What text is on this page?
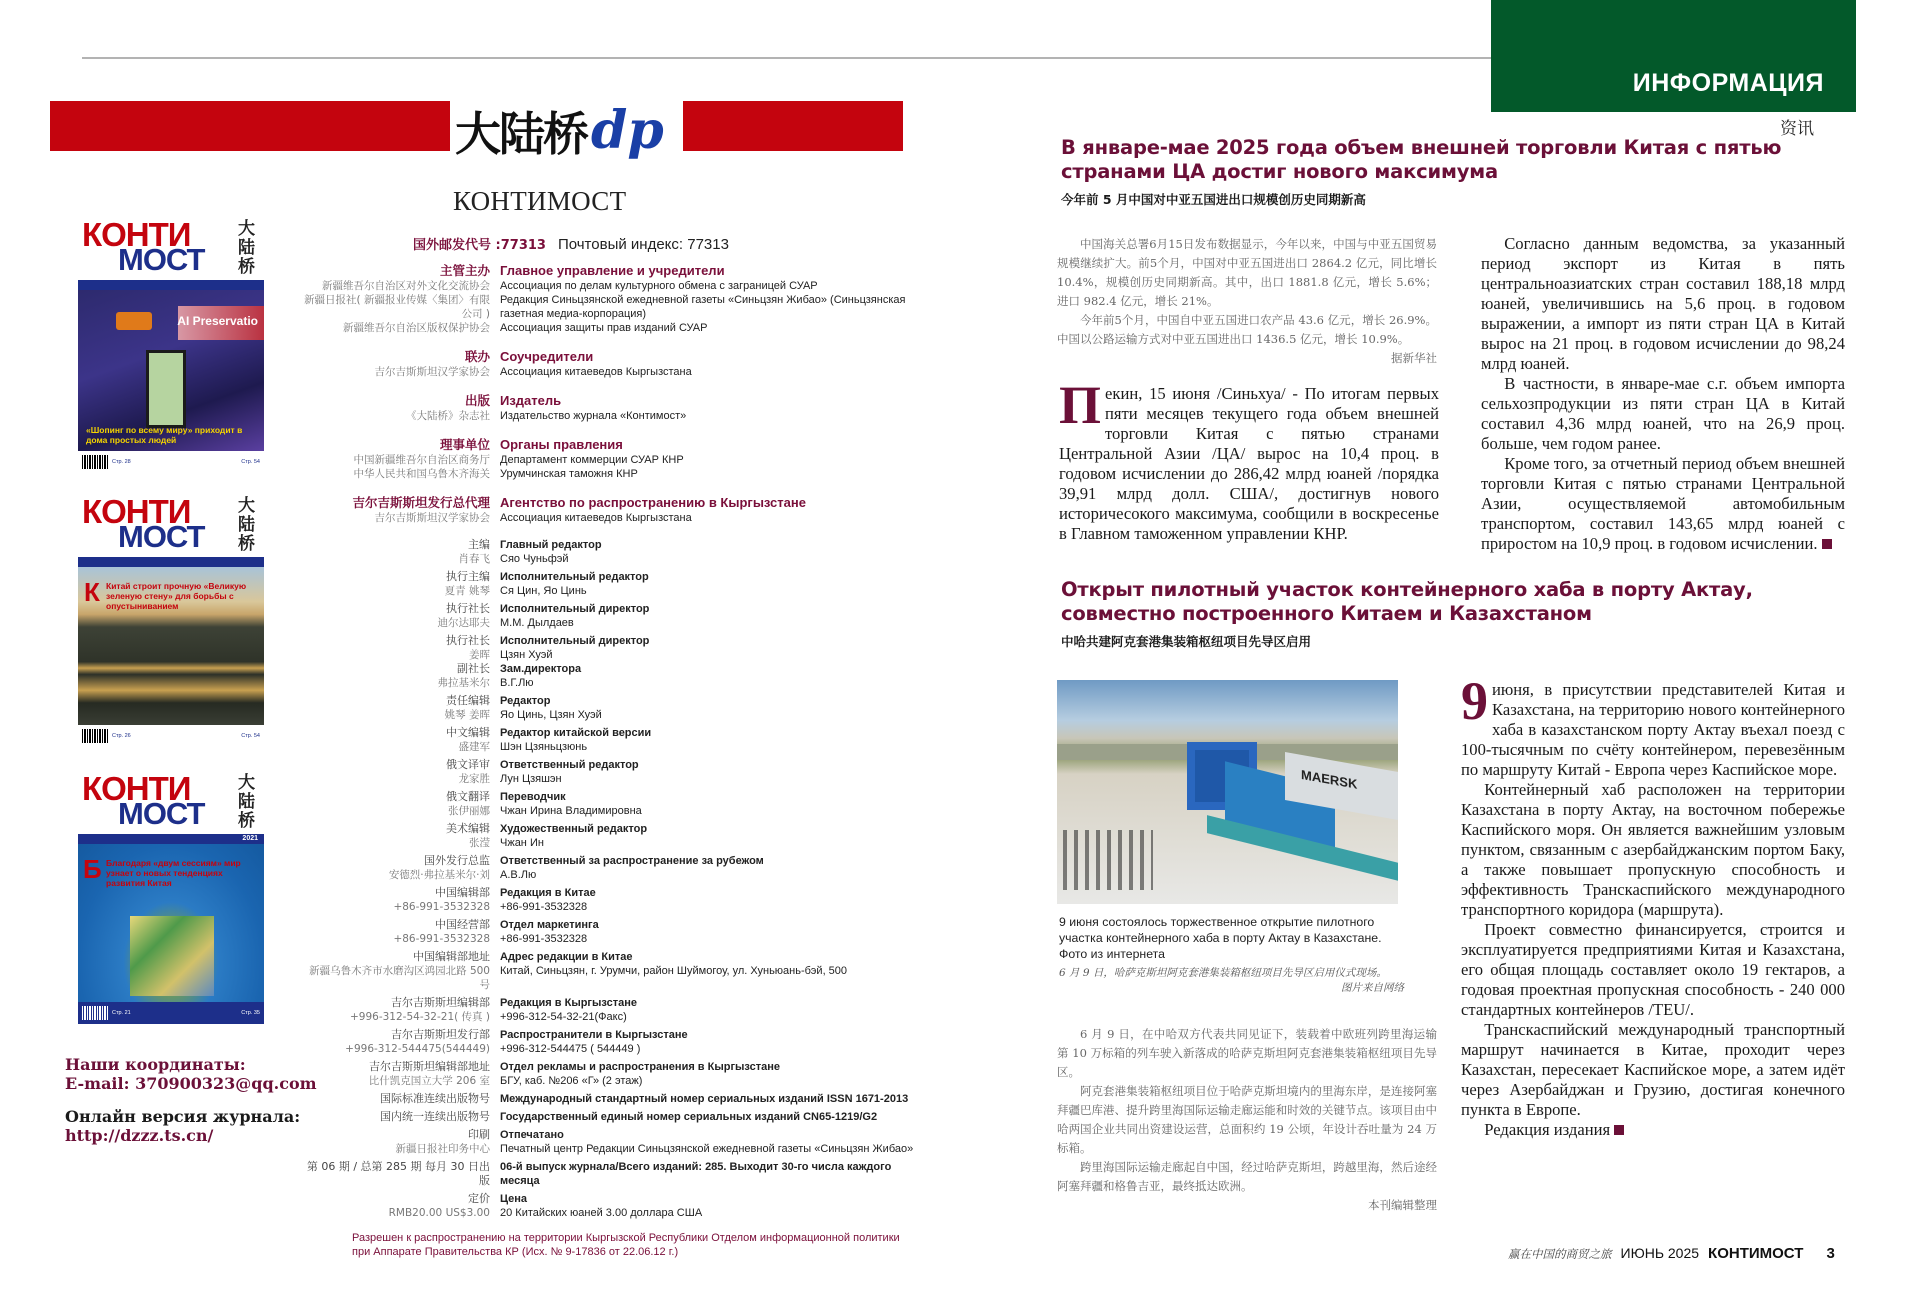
ИНФОРМАЦИЯ
资讯
大陆桥 dp
КОНТИМОСТ
国外邮发代号 :77313 Почтовый индекс: 77313
主管主办 Главное управление и учредители
新疆维吾尔自治区对外文化交流协会 Ассоциация по делам культурного обмена с заграницей СУАР
新疆日报社( 新疆报业传媒〈集团〉有限公司 )
Редакция Синьцзянской ежедневной газеты «Синьцзян Жибао» (Синьцзянская газетная медиа-корпорация)
新疆维吾尔自治区版权保护协会 Ассоциация защиты прав изданий СУАР
联办 Соучредители
吉尔吉斯斯坦汉学家协会 Ассоциация китаеведов Кыргызстана
出版 Издатель
《大陆桥》杂志社 Издательство журнала «Контимост»
理事单位 Органы правления
中国新疆维吾尔自治区商务厅 Департамент коммерции СУАР КНР
中华人民共和国乌鲁木齐海关 Урумчинская таможня КНР
吉尔吉斯斯坦发行总代理 Агентство по распространению в Кыргызстане
吉尔吉斯斯坦汉学家协会 Ассоциация китаеведов Кыргызстана
主编 Главный редактор
肖春飞 Сяо Чуньфэй
执行主编 Исполнительный редактор
夏青 姚琴 Ся Цин, Яо Цинь
执行社长 Исполнительный директор
迪尔达耶夫 М.М. Дылдаев
执行社长 Исполнительный директор
姜晖 Цзян Хуэй
副社长 Зам.директора
弗拉基米尔 В.Г.Лю
责任编辑 Редактор
姚琴 姜晖 Яо Цинь, Цзян Хуэй
中文编辑 Редактор китайской версии
盛建军 Шэн Цзяньцзюнь
俄文译审 Ответственный редактор
龙家胜 Лун Цзяшэн
俄文翻译 Переводчик
张伊丽娜 Чжан Ирина Владимировна
美术编辑 Художественный редактор
张滢 Чжан Ин
国外发行总监 Ответственный за распространение за рубежом
安德烈·弗拉基米尔·刘 А.В.Лю
中国编辑部 Редакция в Китае
+86-991-3532328 +86-991-3532328
中国经营部 Отдел маркетинга
+86-991-3532328 +86-991-3532328
中国编辑部地址 Адрес редакции в Китае
新疆乌鲁木齐市水磨沟区鸿园北路 500 号
Китай, Синьцзян, г. Урумчи, район Шуймогоу, ул. Хуньюань-бэй, 500
吉尔吉斯斯坦编辑部 Редакция в Кыргызстане
+996-312-54-32-21( 传真 ) +996-312-54-32-21(Факс)
吉尔吉斯斯坦发行部 Распространители в Кыргызстане
+996-312-544475(544449) +996-312-544475 ( 544449 )
吉尔吉斯斯坦编辑部地址 Отдел рекламы и распространения в Кыргызстане
比什凯克国立大学 206 室 БГУ, каб. №206 «Г» (2 этаж)
国际标准连续出版物号 Международный стандартный номер сериальных изданий ISSN 1671-2013
国内统一连续出版物号 Государственный единый номер сериальных изданий CN65-1219/G2
印刷 Отпечатано
新疆日报社印务中心 Печатный центр Редакции Синьцзянской ежедневной газеты «Синьцзян Жибао»
第 06 期 / 总第 285 期 每月 30 日出版
06-й выпуск журнала/Всего изданий: 285. Выходит 30-го числа каждого месяца
定价 Цена
RMB20.00 US$3.00 20 Китайских юаней 3.00 доллара США
Разрешен к распространению на территории Кыргызской Республики Отделом информационной политики при Аппарате Правительства КР (Исх. № 9-17836 от 22.06.12 г.)
КОНТИ
МОСТ
大陆桥
AI Preservatio
«Шопинг по всему миру» приходит в дома простых людей
Стр. 28	Стр. 54
КОНТИ
МОСТ
大陆桥
К Китай строит прочную «Великую зеленую стену» для борьбы с опустыниванием
Стр. 26	Стр. 54
КОНТИ
МОСТ
大陆桥
2021
Б Благодаря «двум сессиям» мир узнает о новых тенденциях развития Китая
Стр. 21	Стр. 35
Наши координаты:
E-mail: 370900323@qq.com
Онлайн версия журнала:
http://dzzz.ts.cn/
В январе-мае 2025 года объем внешней торговли Китая с пятью странами ЦА достиг нового максимума
今年前 5 月中国对中亚五国进出口规模创历史同期新高

中国海关总署6月15日发布数据显示，今年以来，中国与中亚五国贸易规模继续扩大。前5个月，中国对中亚五国进出口 2864.2 亿元，同比增长 10.4%，规模创历史同期新高。其中，出口 1881.8 亿元，增长 5.6%；进口 982.4 亿元，增长 21%。

今年前5个月，中国自中亚五国进口农产品 43.6 亿元，增长 26.9%。中国以公路运输方式对中亚五国进出口 1436.5 亿元，增长 10.9%。

据新华社

Пекин, 15 июня /Синьхуа/ - По итогам первых пяти месяцев текущего года объем внешней торговли Китая с пятью странами Центральной Азии /ЦА/ вырос на 10,4 проц. в годовом исчислении до 286,42 млрд юаней /порядка 39,91 млрд долл. США/, достигнув нового историчесокого максимума, сообщили в воскресенье в Главном таможенном управлении КНР.

Согласно данным ведомства, за указанный период экспорт из Китая в пять центральноазиатских стран составил 188,18 млрд юаней, увеличившись на 5,6 проц. в годовом выражении, а импорт из пяти стран ЦА в Китай вырос на 21 проц. в годовом исчислении до 98,24 млрд юаней.

В частности, в январе-мае с.г. объем импорта сельхозпродукции из пяти стран ЦА в Китай составил 4,36 млрд юаней, что на 26,9 проц. больше, чем годом ранее.

Кроме того, за отчетный период объем внешней торговли Китая с пятью странами Центральной Азии, осуществляемой автомобильным транспортом, составил 143,65 млрд юаней с приростом на 10,9 проц. в годовом исчислении.

Открыт пилотный участок контейнерного хаба в порту Актау, совместно построенного Китаем и Казахстаном
中哈共建阿克套港集装箱枢纽项目先导区启用
MAERSK
9 июня состоялось торжественное открытие пилотного участка контейнерного хаба в порту Актау в Казахстане. Фото из интернета
6 月 9 日，哈萨克斯坦阿克套港集装箱枢纽项目先导区启用仪式现场。
图片来自网络

6 月 9 日，在中哈双方代表共同见证下，装载着中欧班列跨里海运输第 10 万标箱的列车驶入新落成的哈萨克斯坦阿克套港集装箱枢纽项目先导区。

阿克套港集装箱枢纽项目位于哈萨克斯坦境内的里海东岸，是连接阿塞拜疆巴库港、提升跨里海国际运输走廊运能和时效的关键节点。该项目由中哈两国企业共同出资建设运营，总面积约 19 公顷，年设计吞吐量为 24 万标箱。

跨里海国际运输走廊起自中国，经过哈萨克斯坦，跨越里海，然后途经阿塞拜疆和格鲁吉亚，最终抵达欧洲。

本刊编辑整理

9 июня, в присутствии представителей Китая и Казахстана, на территорию нового контейнерного хаба в казахстанском порту Актау въехал поезд с 100-тысячным по счёту контейнером, перевезённым по маршруту Китай - Европа через Каспийское море.

Контейнерный хаб расположен на территории Казахстана в порту Актау, на восточном побережье Каспийского моря. Он является важнейшим узловым пунктом, связанным с азербайджанским портом Баку, а также повышает пропускную способность и эффективность Транскаспийского международного транспортного коридора (маршрута).

Проект совместно финансируется, строится и эксплуатируется предприятиями Китая и Казахстана, его общая площадь составляет около 19 гектаров, а годовая проектная пропускная способность - 240 000 стандартных контейнеров /TEU/.

Транскаспийский международный транспортный маршрут начинается в Китае, проходит через Казахстан, пересекает Каспийское море, а затем идёт через Азербайджан и Грузию, достигая конечного пункта в Европе.

Редакция издания

赢在中国的商贸之旅 ИЮНЬ 2025 КОНТИМОСТ 3
